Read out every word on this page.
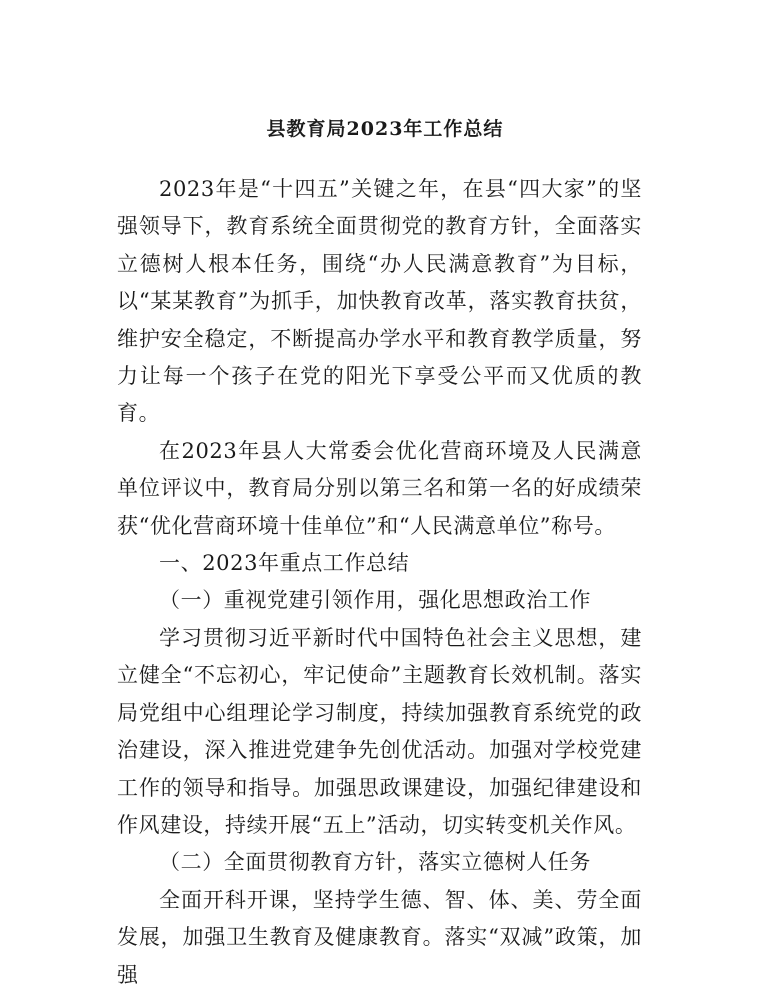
县教育局2023年工作总结

2023年是“十四五”关键之年，在县“四大家”的坚强领导下，教育系统全面贯彻党的教育方针，全面落实立德树人根本任务，围绕“办人民满意教育”为目标，以“某某教育”为抓手，加快教育改革，落实教育扶贫，维护安全稳定，不断提高办学水平和教育教学质量，努力让每一个孩子在党的阳光下享受公平而又优质的教育。

在2023年县人大常委会优化营商环境及人民满意单位评议中，教育局分别以第三名和第一名的好成绩荣获“优化营商环境十佳单位”和“人民满意单位”称号。

一、2023年重点工作总结

（一）重视党建引领作用，强化思想政治工作

学习贯彻习近平新时代中国特色社会主义思想，建立健全“不忘初心，牢记使命”主题教育长效机制。落实局党组中心组理论学习制度，持续加强教育系统党的政治建设，深入推进党建争先创优活动。加强对学校党建工作的领导和指导。加强思政课建设，加强纪律建设和作风建设，持续开展“五上”活动，切实转变机关作风。

（二）全面贯彻教育方针，落实立德树人任务

全面开科开课，坚持学生德、智、体、美、劳全面发展，加强卫生教育及健康教育。落实“双减”政策，加强
